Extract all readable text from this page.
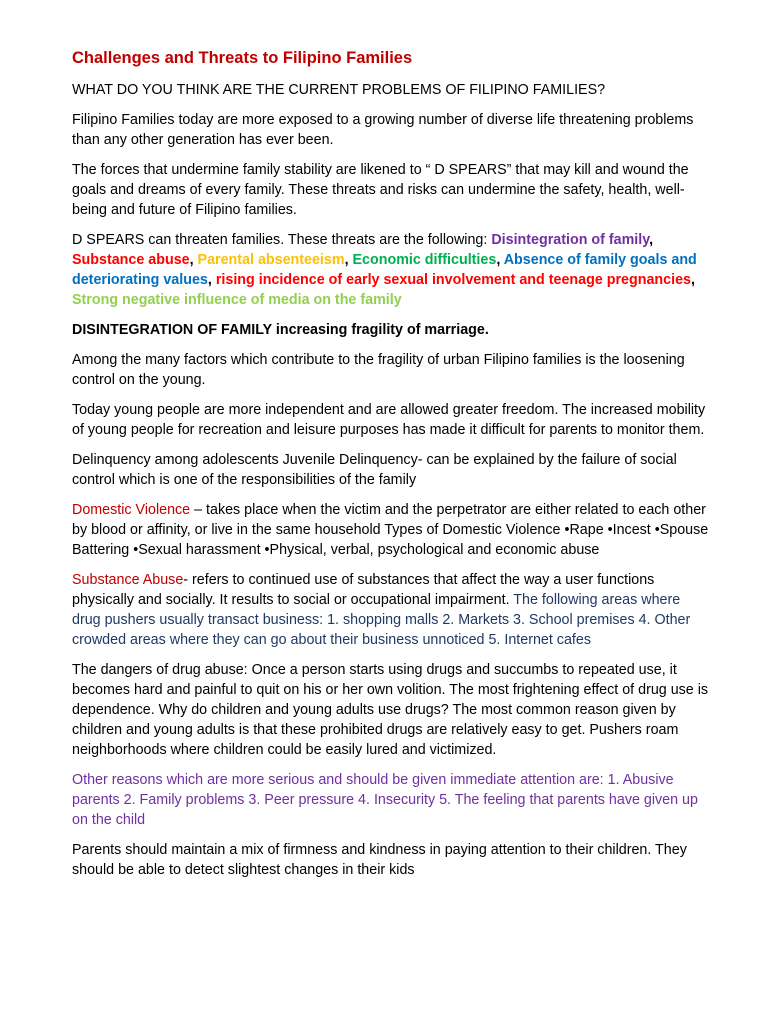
Challenges and Threats to Filipino Families

WHAT DO YOU THINK ARE THE CURRENT PROBLEMS OF FILIPINO FAMILIES?

Filipino Families today are more exposed to a growing number of diverse life threatening problems than any other generation has ever been.

The forces that undermine family stability are likened to “ D SPEARS” that may kill and wound the goals and dreams of every family. These threats and risks can undermine the safety, health, well-being and future of Filipino families.

D SPEARS can threaten families. These threats are the following: Disintegration of family, Substance abuse, Parental absenteeism, Economic difficulties, Absence of family goals and deteriorating values, rising incidence of early sexual involvement and teenage pregnancies, Strong negative influence of media on the family

DISINTEGRATION OF FAMILY increasing fragility of marriage.

Among the many factors which contribute to the fragility of urban Filipino families is the loosening control on the young.

Today young people are more independent and are allowed greater freedom. The increased mobility of young people for recreation and leisure purposes has made it difficult for parents to monitor them.

Delinquency among adolescents Juvenile Delinquency- can be explained by the failure of social control which is one of the responsibilities of the family

Domestic Violence – takes place when the victim and the perpetrator are either related to each other by blood or affinity, or live in the same household Types of Domestic Violence •Rape •Incest •Spouse Battering •Sexual harassment •Physical, verbal, psychological and economic abuse

Substance Abuse- refers to continued use of substances that affect the way a user functions physically and socially. It results to social or occupational impairment. The following areas where drug pushers usually transact business: 1. shopping malls 2. Markets 3. School premises 4. Other crowded areas where they can go about their business unnoticed 5. Internet cafes

The dangers of drug abuse: Once a person starts using drugs and succumbs to repeated use, it becomes hard and painful to quit on his or her own volition. The most frightening effect of drug use is dependence. Why do children and young adults use drugs? The most common reason given by children and young adults is that these prohibited drugs are relatively easy to get. Pushers roam neighborhoods where children could be easily lured and victimized.

Other reasons which are more serious and should be given immediate attention are: 1. Abusive parents 2. Family problems 3. Peer pressure 4. Insecurity 5. The feeling that parents have given up on the child

Parents should maintain a mix of firmness and kindness in paying attention to their children. They should be able to detect slightest changes in their kids
